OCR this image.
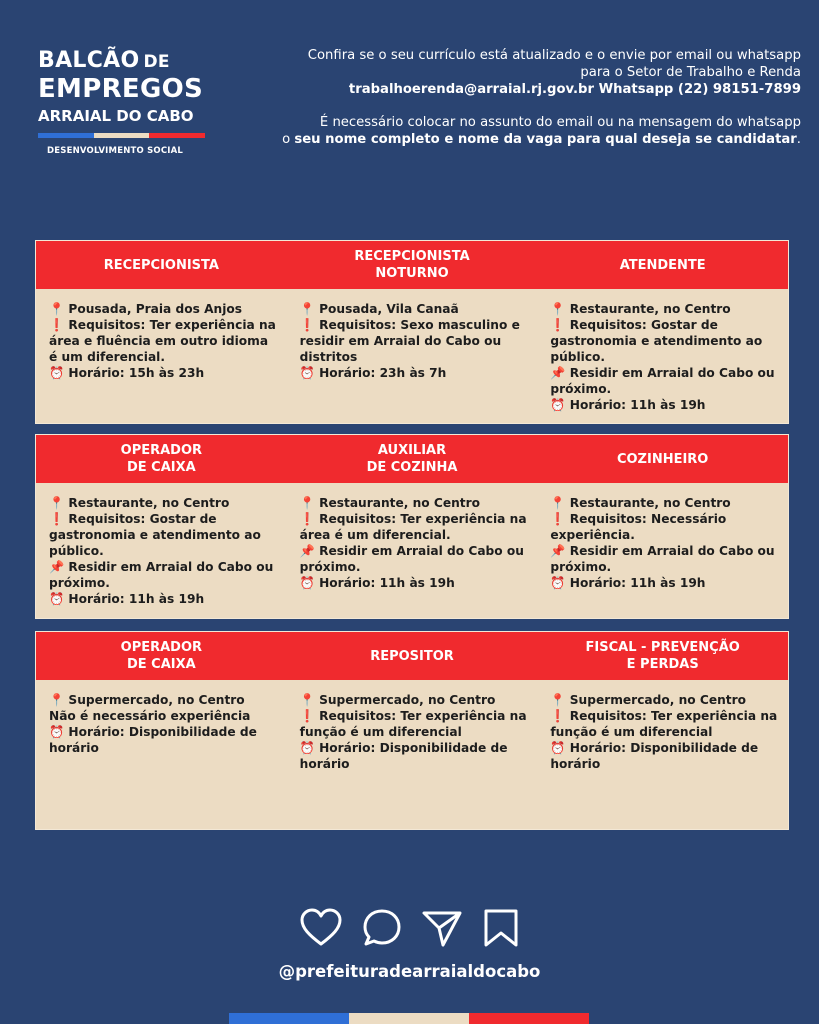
BALCÃO DE
EMPREGOS
ARRAIAL DO CABO
DESENVOLVIMENTO SOCIAL
Confira se o seu currículo está atualizado e o envie por email ou whatsapp
para o Setor de Trabalho e Renda
trabalhoerenda@arraial.rj.gov.br Whatsapp (22) 98151-7899
É necessário colocar no assunto do email ou na mensagem do whatsapp
o seu nome completo e nome da vaga para qual deseja se candidatar.
RECEPCIONISTA
RECEPCIONISTA
NOTURNO
ATENDENTE

📍 Pousada, Praia dos Anjos

❗ Requisitos: Ter experiência na área e fluência em outro idioma é um diferencial.

⏰ Horário: 15h às 23h

📍 Pousada, Vila Canaã

❗ Requisitos: Sexo masculino e residir em Arraial do Cabo ou distritos

⏰ Horário: 23h às 7h

📍 Restaurante, no Centro

❗ Requisitos: Gostar de gastronomia e atendimento ao público.

📌 Residir em Arraial do Cabo ou próximo.

⏰ Horário: 11h às 19h

OPERADOR
DE CAIXA
AUXILIAR
DE COZINHA
COZINHEIRO

📍 Restaurante, no Centro

❗ Requisitos: Gostar de gastronomia e atendimento ao público.

📌 Residir em Arraial do Cabo ou próximo.

⏰ Horário: 11h às 19h

📍 Restaurante, no Centro

❗ Requisitos: Ter experiência na área é um diferencial.

📌 Residir em Arraial do Cabo ou próximo.

⏰ Horário: 11h às 19h

📍 Restaurante, no Centro

❗ Requisitos: Necessário experiência.

📌 Residir em Arraial do Cabo ou próximo.

⏰ Horário: 11h às 19h

OPERADOR
DE CAIXA
REPOSITOR
FISCAL - PREVENÇÃO
E PERDAS

📍 Supermercado, no Centro

Não é necessário experiência

⏰ Horário: Disponibilidade de horário

📍 Supermercado, no Centro

❗ Requisitos: Ter experiência na função é um diferencial

⏰ Horário: Disponibilidade de horário

📍 Supermercado, no Centro

❗ Requisitos: Ter experiência na função é um diferencial

⏰ Horário: Disponibilidade de horário

@prefeituradearraialdocabo
